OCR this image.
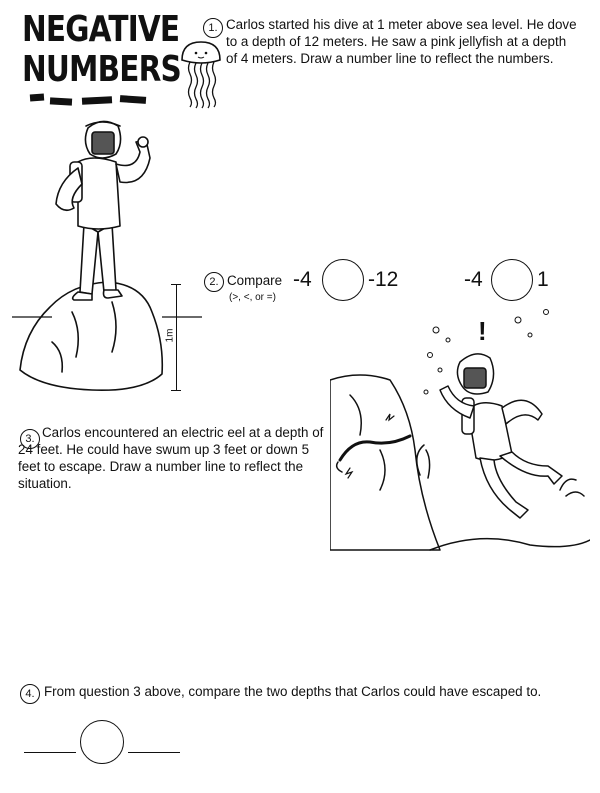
NEGATIVE
NUMBERS
1. Carlos started his dive at 1 meter above sea level. He dove to a depth of 12 meters. He saw a pink jellyfish at a depth of 4 meters. Draw a number line to reflect the numbers.
1m
2. Compare
(>, <, or =)
-4	-12	-4	1
!
3. Carlos encountered an electric eel at a depth of 24 feet. He could have swum up 3 feet or down 5 feet to escape. Draw a number line to reflect the situation.
4. From question 3 above, compare the two depths that Carlos could have escaped to.
